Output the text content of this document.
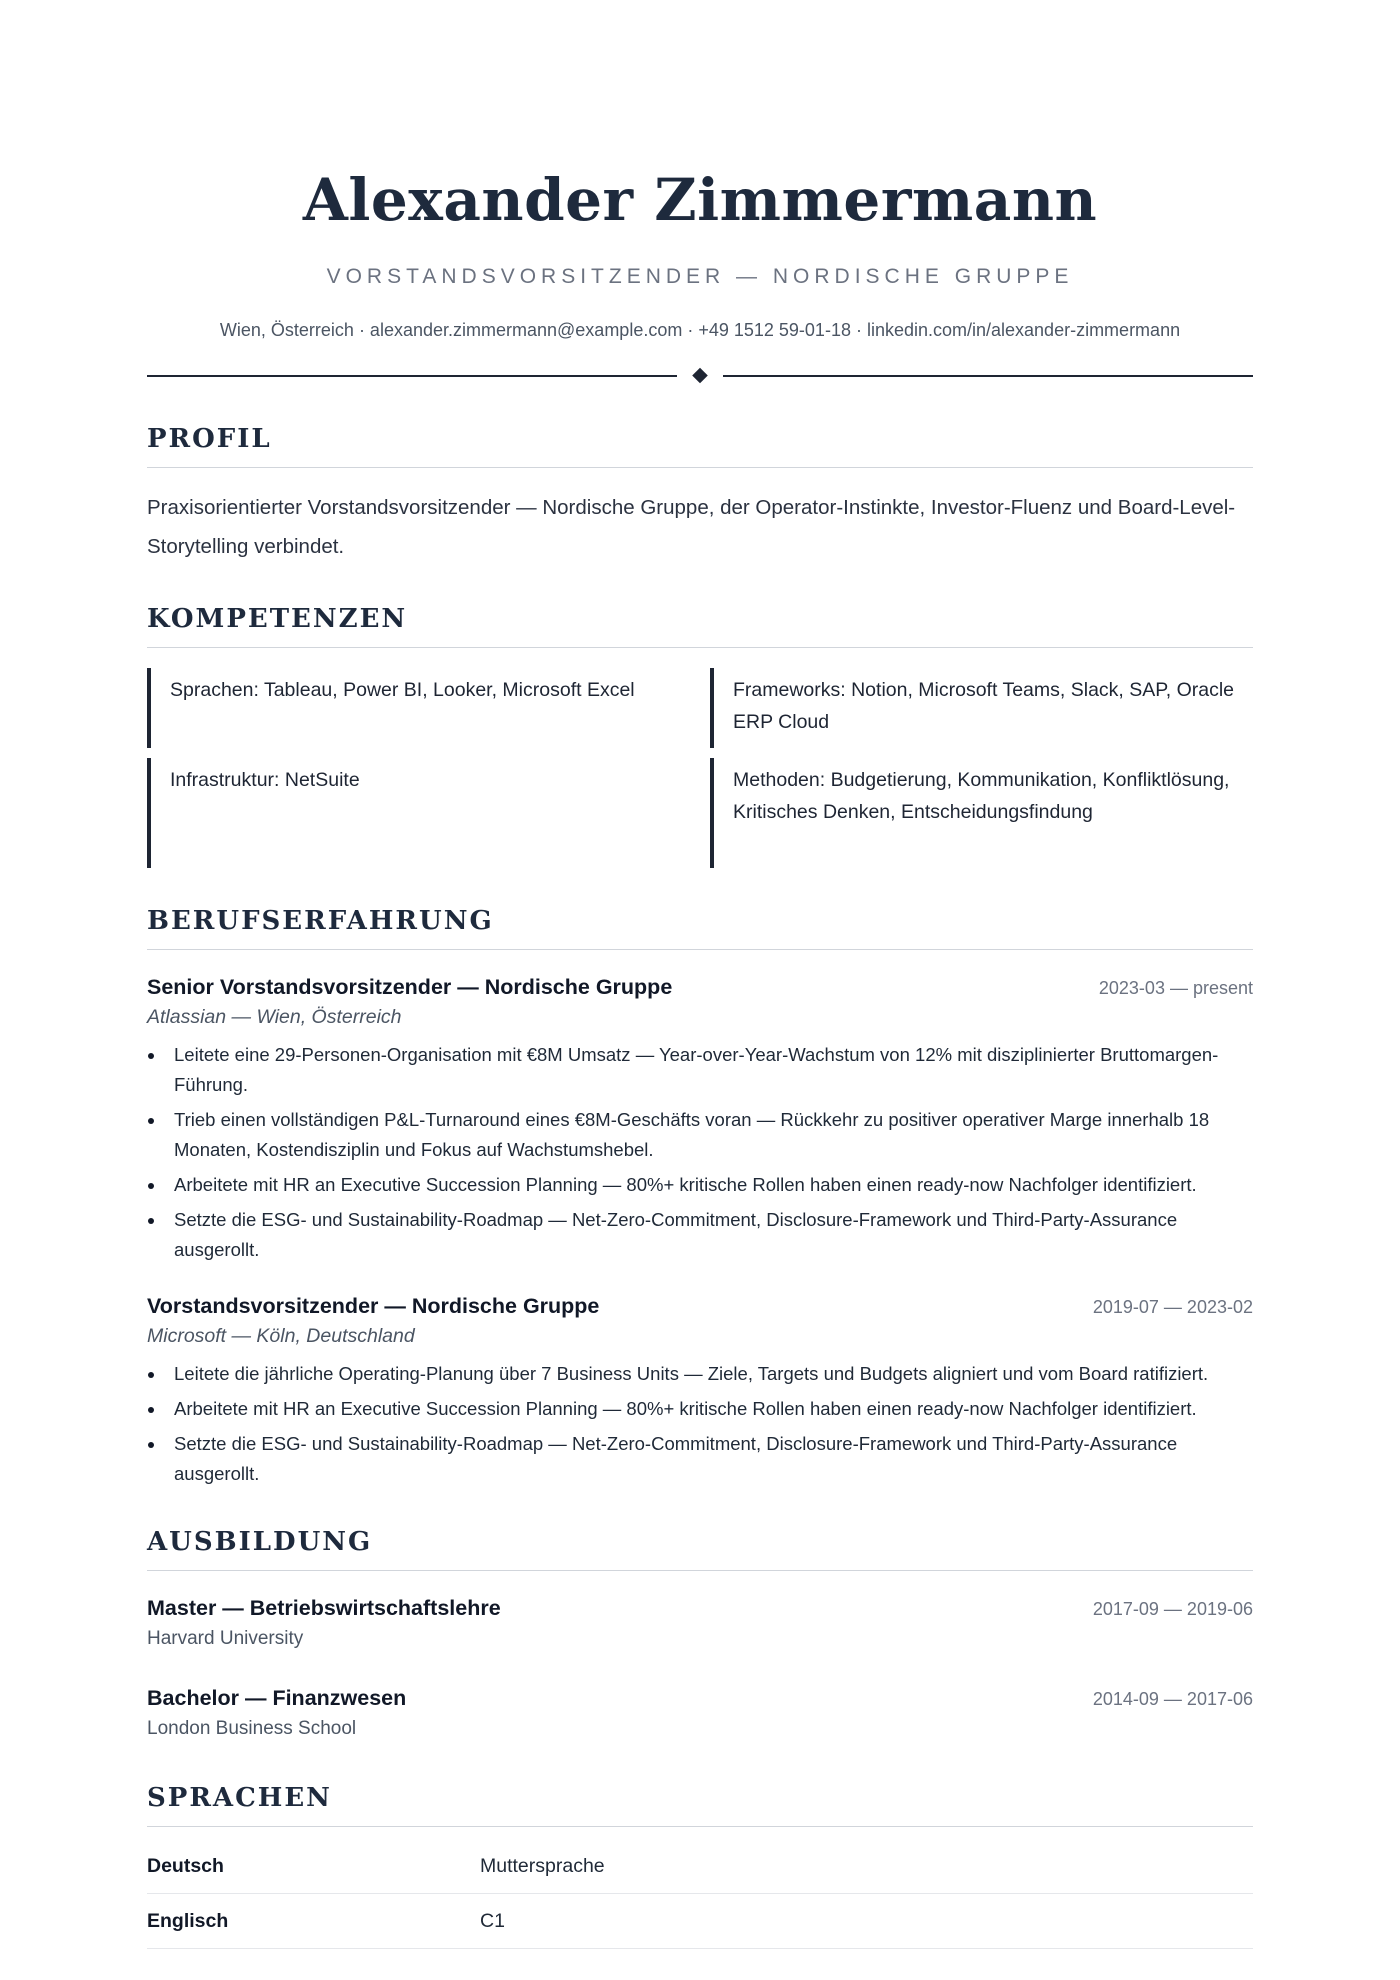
Alexander Zimmermann
VORSTANDSVORSITZENDER — NORDISCHE GRUPPE
Wien, Österreich · alexander.zimmermann@example.com · +49 1512 59-01-18 · linkedin.com/in/alexander-zimmermann
PROFIL

Praxisorientierter Vorstandsvorsitzender — Nordische Gruppe, der Operator-Instinkte, Investor-Fluenz und Board-Level-Storytelling verbindet.

KOMPETENZEN
Sprachen: Tableau, Power BI, Looker, Microsoft Excel	Frameworks: Notion, Microsoft Teams, Slack, SAP, Oracle ERP Cloud
Infrastruktur: NetSuite	Methoden: Budgetierung, Kommunikation, Konfliktlösung, Kritisches Denken, Entscheidungsfindung
BERUFSERFAHRUNG
Senior Vorstandsvorsitzender — Nordische Gruppe	2023-03 — present
Atlassian — Wien, Österreich
Leitete eine 29-Personen-Organisation mit €8M Umsatz — Year-over-Year-Wachstum von 12% mit disziplinierter Bruttomargen-Führung.
Trieb einen vollständigen P&L-Turnaround eines €8M-Geschäfts voran — Rückkehr zu positiver operativer Marge innerhalb 18 Monaten, Kostendisziplin und Fokus auf Wachstumshebel.
Arbeitete mit HR an Executive Succession Planning — 80%+ kritische Rollen haben einen ready-now Nachfolger identifiziert.
Setzte die ESG- und Sustainability-Roadmap — Net-Zero-Commitment, Disclosure-Framework und Third-Party-Assurance ausgerollt.
Vorstandsvorsitzender — Nordische Gruppe	2019-07 — 2023-02
Microsoft — Köln, Deutschland
Leitete die jährliche Operating-Planung über 7 Business Units — Ziele, Targets und Budgets aligniert und vom Board ratifiziert.
Arbeitete mit HR an Executive Succession Planning — 80%+ kritische Rollen haben einen ready-now Nachfolger identifiziert.
Setzte die ESG- und Sustainability-Roadmap — Net-Zero-Commitment, Disclosure-Framework und Third-Party-Assurance ausgerollt.
AUSBILDUNG
Master — Betriebswirtschaftslehre	2017-09 — 2019-06
Harvard University
Bachelor — Finanzwesen	2014-09 — 2017-06
London Business School
SPRACHEN
Deutsch	Muttersprache
Englisch	C1
